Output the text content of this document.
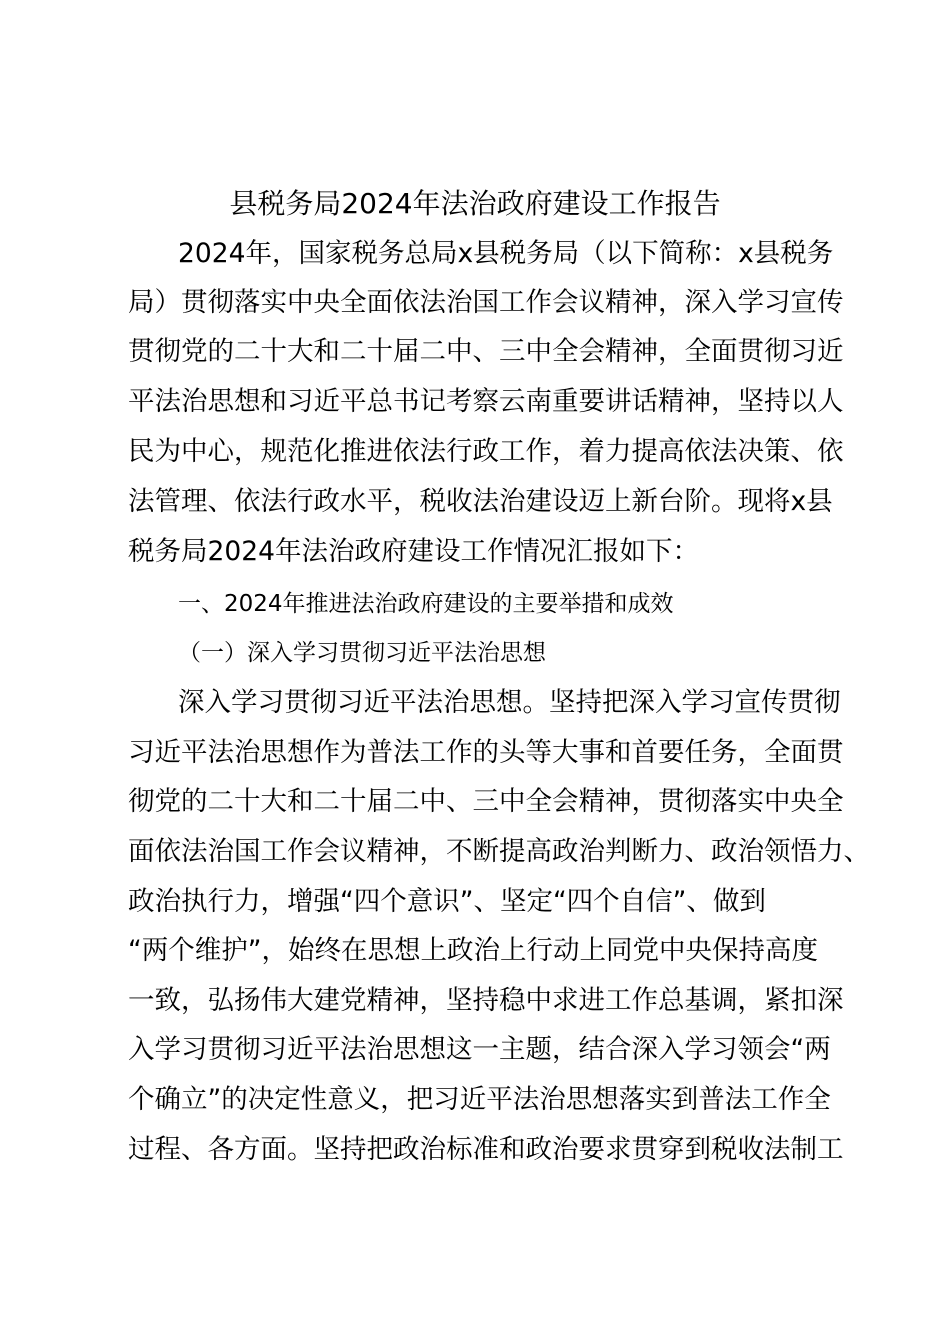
县税务局2024年法治政府建设工作报告
2024年，国家税务总局x县税务局（以下简称：x县税务
局）贯彻落实中央全面依法治国工作会议精神，深入学习宣传
贯彻党的二十大和二十届二中、三中全会精神，全面贯彻习近
平法治思想和习近平总书记考察云南重要讲话精神，坚持以人
民为中心，规范化推进依法行政工作，着力提高依法决策、依
法管理、依法行政水平，税收法治建设迈上新台阶。现将x县
税务局2024年法治政府建设工作情况汇报如下：
一、2024年推进法治政府建设的主要举措和成效
（一）深入学习贯彻习近平法治思想
深入学习贯彻习近平法治思想。坚持把深入学习宣传贯彻
习近平法治思想作为普法工作的头等大事和首要任务，全面贯
彻党的二十大和二十届二中、三中全会精神，贯彻落实中央全
面依法治国工作会议精神，不断提高政治判断力、政治领悟力、
政治执行力，增强“四个意识”、坚定“四个自信”、做到
“两个维护”，始终在思想上政治上行动上同党中央保持高度
一致，弘扬伟大建党精神，坚持稳中求进工作总基调，紧扣深
入学习贯彻习近平法治思想这一主题，结合深入学习领会“两
个确立”的决定性意义，把习近平法治思想落实到普法工作全
过程、各方面。坚持把政治标准和政治要求贯穿到税收法制工
